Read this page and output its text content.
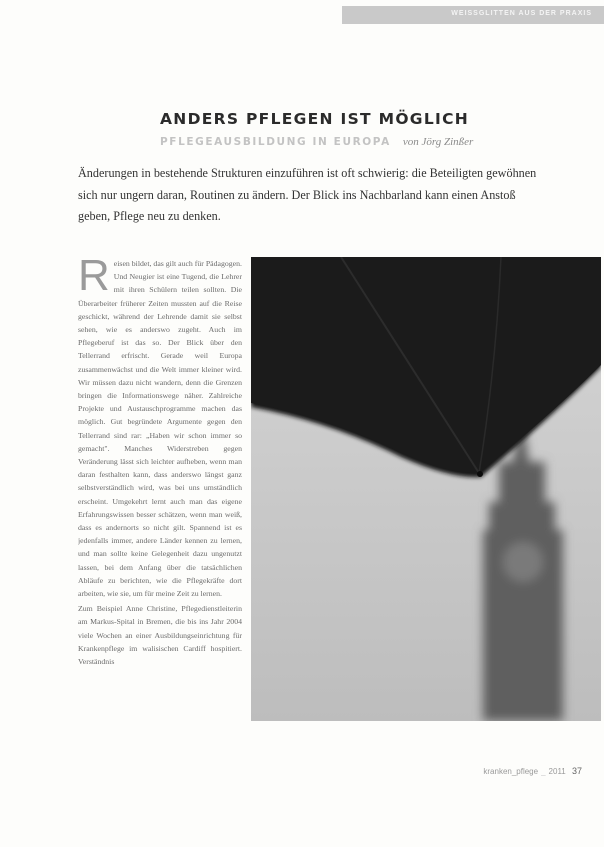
WEISSGLITTEN AUS DER PRAXIS
ANDERS PFLEGEN IST MÖGLICH
PFLEGEAUSBILDUNG IN EUROPA von Jörg Zinßer
Änderungen in bestehende Strukturen einzuführen ist oft schwierig: die Beteiligten gewöhnen sich nur ungern daran, Routinen zu ändern. Der Blick ins Nachbarland kann einen Anstoß geben, Pflege neu zu denken.
R eisen bildet, das gilt auch für Pädagogen. Und Neugier ist eine Tugend, die Lehrer mit ihren Schülern teilen sollten. Die Überarbeiter früherer Zeiten mussten auf die Reise geschickt, während der Lehrende damit sie selbst sehen, wie es anderswo zugeht. Auch im Pflegeberuf ist das so. Der Blick über den Tellerrand erfrischt. Gerade weil Europa zusammenwächst und die Welt immer kleiner wird. Wir müssen dazu nicht wandern, denn die Grenzen bringen die Informationswege näher. Zahlreiche Projekte und Austauschprogramme machen das möglich. Gut begründete Argumente gegen den Tellerrand sind rar: „Haben wir schon immer so gemacht". Manches Widerstreben gegen Veränderung lässt sich leichter aufheben, wenn man daran festhalten kann, dass anderswo längst ganz selbstverständlich wird, was bei uns umständlich erscheint. Umgekehrt lernt auch man das eigene Erfahrungswissen besser schätzen, wenn man weiß, dass es andernorts so nicht gilt. Spannend ist es jedenfalls immer, andere Länder kennen zu lernen, und man sollte keine Gelegenheit dazu ungenutzt lassen, bei dem Anfang über die tatsächlichen Abläufe zu berichten, wie die Pflegekräfte dort arbeiten, wie sie, um für meine Zeit zu lernen.
Zum Beispiel Anne Christine, Pflegedienstleiterin am Markus-Spital in Bremen, die bis ins Jahr 2004 viele Wochen an einer Ausbildungseinrichtung für Krankenpflege im walisischen Cardiff hospitiert. Verständnis
kranken_pflege _ 2011 37
